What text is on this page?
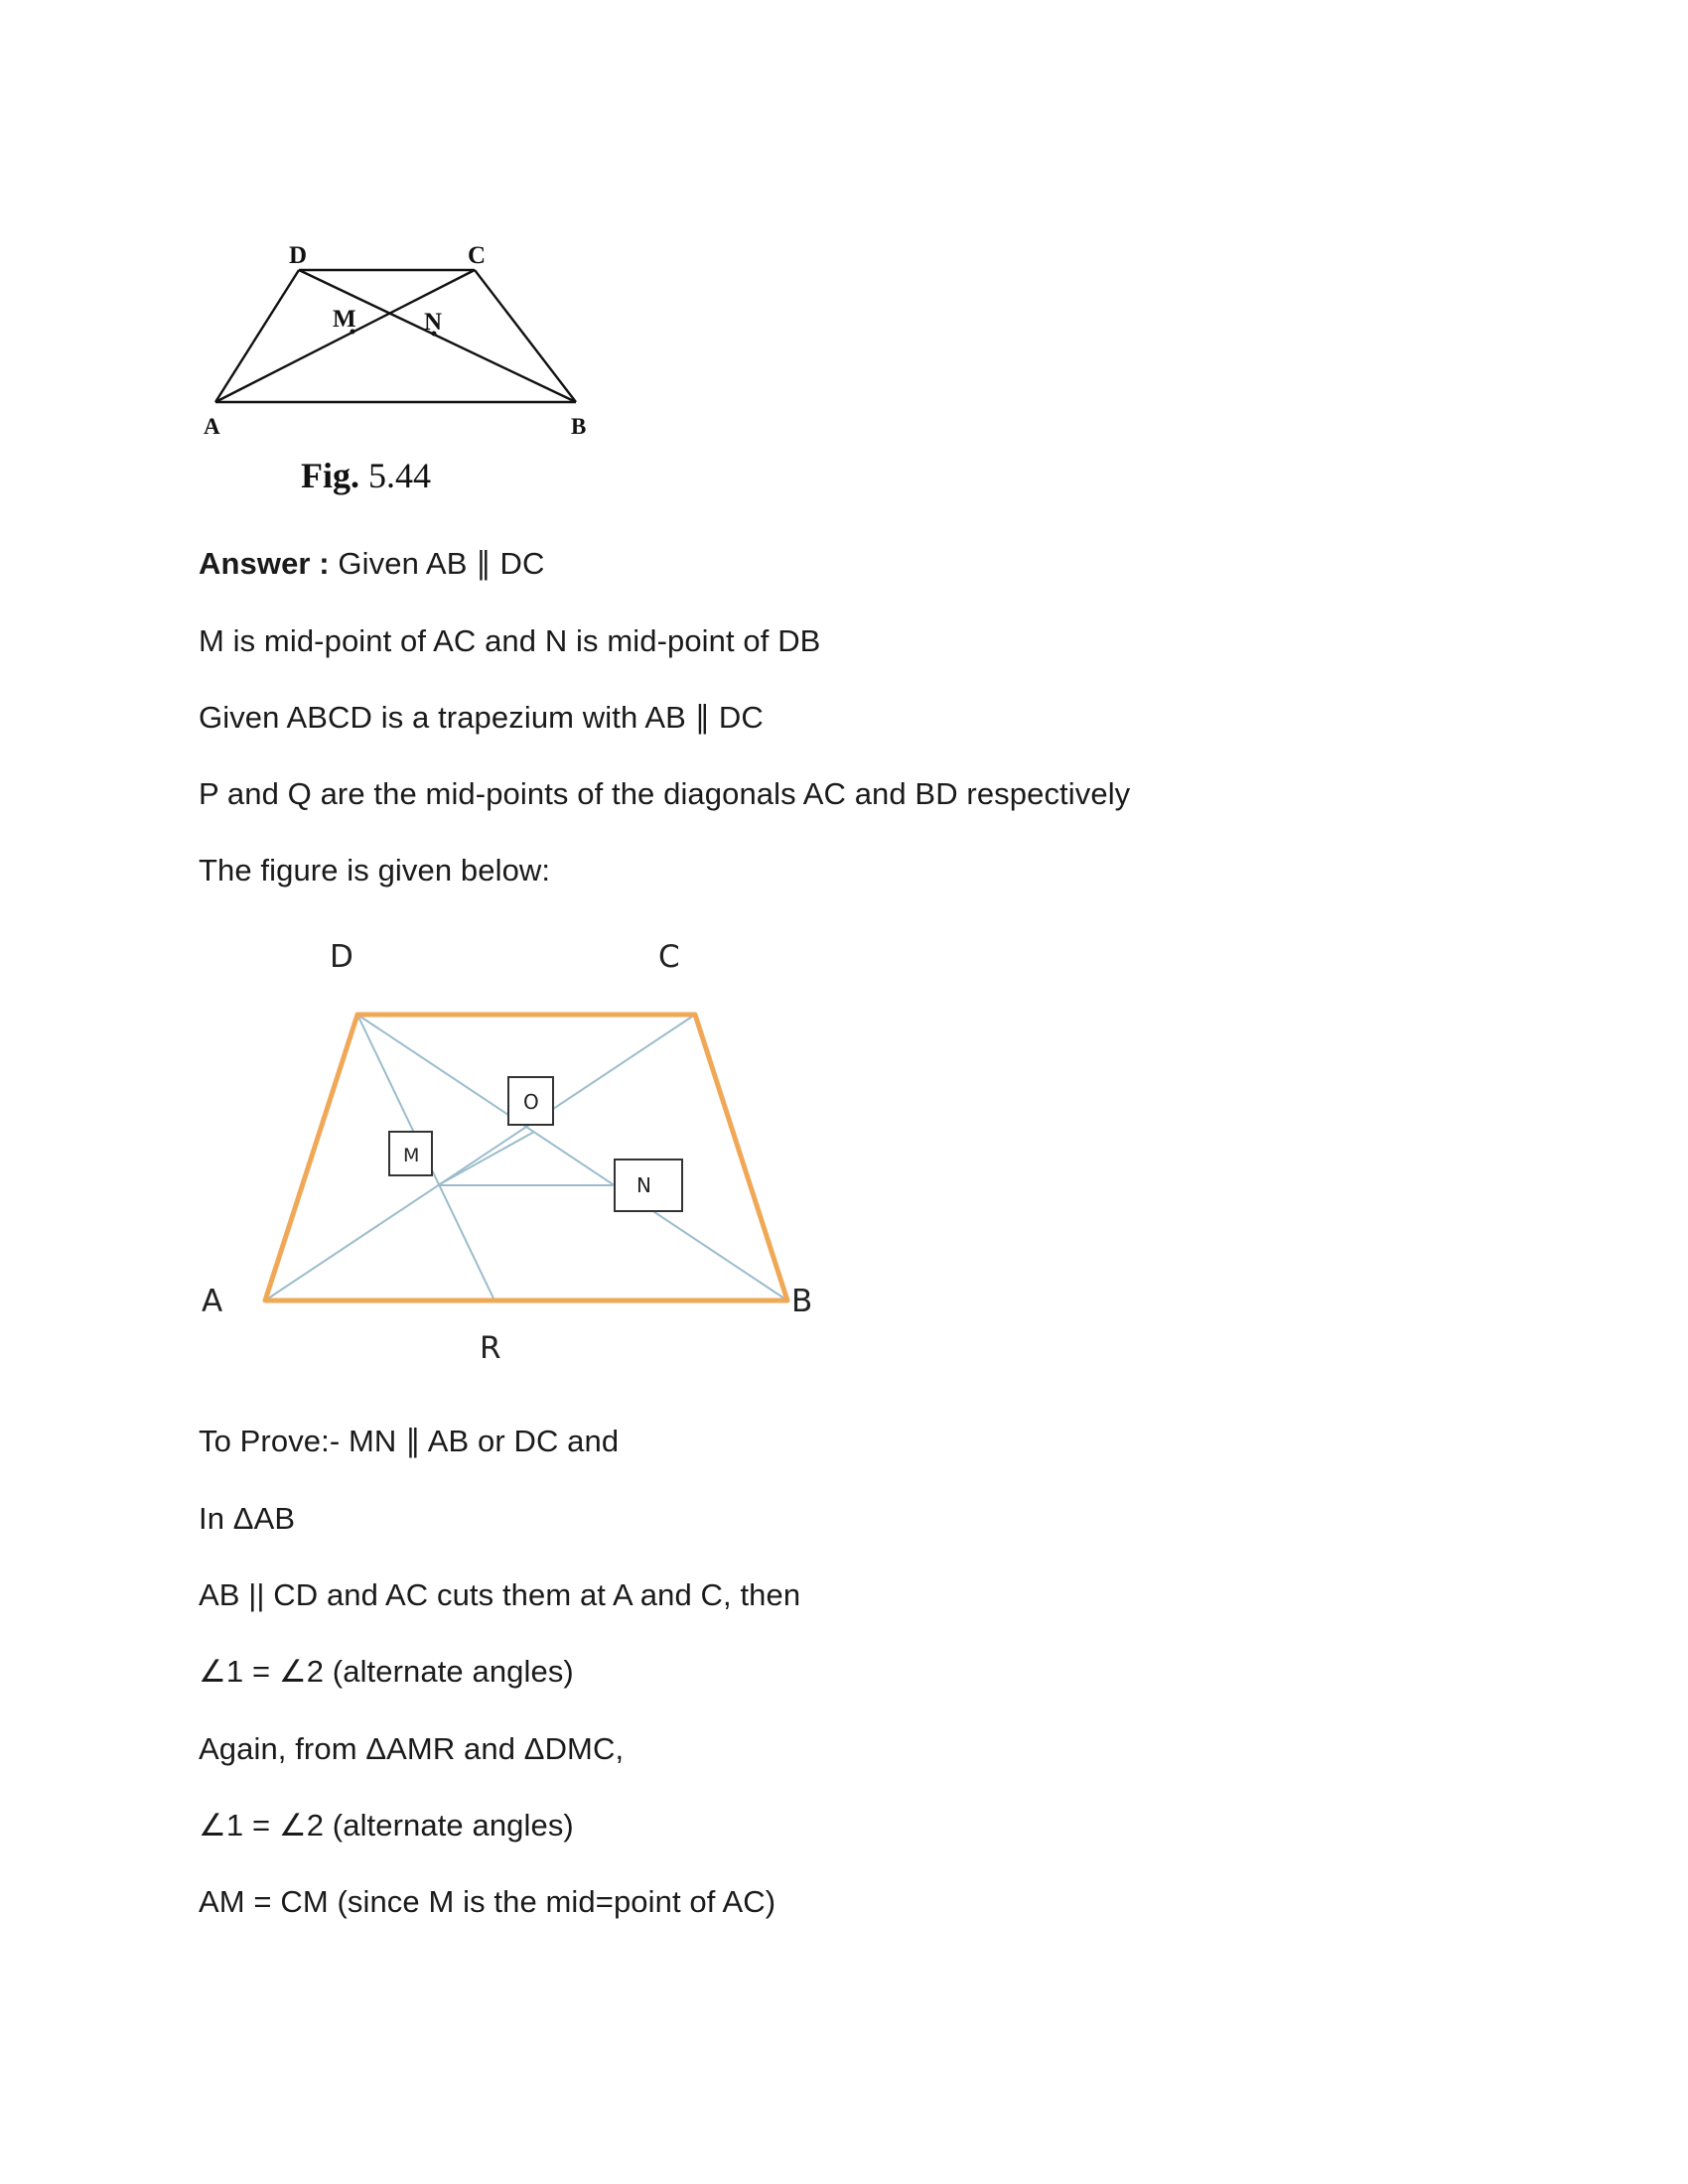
D	C
M	N
A	B
Fig. 5.44

Answer : Given AB ∥ DC

M is mid-point of AC and N is mid-point of DB

Given ABCD is a trapezium with AB ∥ DC

P and Q are the mid-points of the diagonals AC and BD respectively

The figure is given below:

M
O
N
D	C
A	B
R

To Prove:- MN ∥ AB or DC and

In ΔAB

AB || CD and AC cuts them at A and C, then

∠1 = ∠2 (alternate angles)

Again, from ΔAMR and ΔDMC,

∠1 = ∠2 (alternate angles)

AM = CM (since M is the mid=point of AC)
